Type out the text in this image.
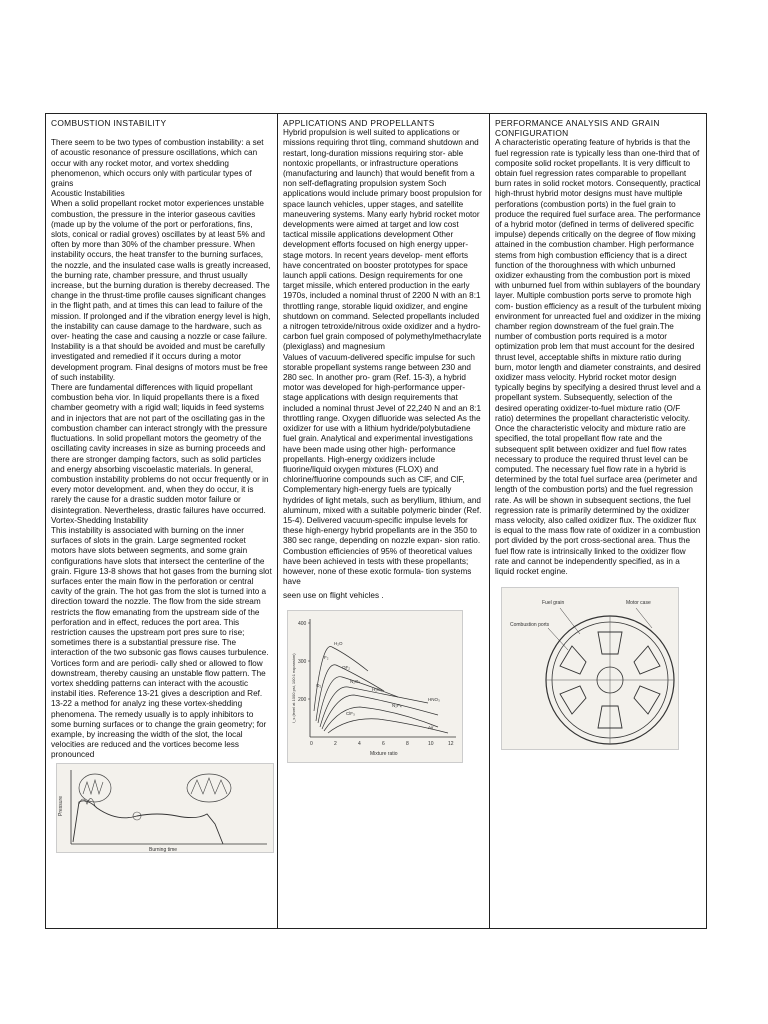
COMBUSTION INSTABILITY

There seem to be two types of combustion instability: a set of acoustic resonance of pressure oscillations, which can occur with any rocket motor, and vortex shedding phenomenon, which occurs only with particular types of grains

Acoustic Instabilities

When a solid propellant rocket motor experiences unstable combustion, the pressure in the interior gaseous cavities (made up by the volume of the port or perforations, fins, slots, conical or radial groves) oscillates by at least 5% and often by more than 30% of the chamber pressure. When instability occurs, the heat transfer to the burning surfaces, the nozzle, and the insulated case walls is greatly increased, the burning rate, chamber pressure, and thrust usually increase, but the burning duration is thereby decreased. The change in the thrust-time profile causes significant changes in the flight path, and at times this can lead to failure of the mission. If prolonged and if the vibration energy level is high, the instability can cause damage to the hardware, such as over- heating the case and causing a nozzle or case failure. Instability is a that should be avoided and must be carefully investigated and remedied if it occurs during a motor development program. Final designs of motors must be free of such instability.

There are fundamental differences with liquid propellant combustion beha vior. In liquid propellants there is a fixed chamber geometry with a rigid wall; liquids in feed systems and in injectors that are not part of the oscillating gas in the combustion chamber can interact strongly with the pressure fluctuations. In solid propellant motors the geometry of the oscillating cavity increases in size as burning proceeds and there are stronger damping factors, such as solid particles and energy absorbing viscoelastic materials. In general, combustion instability problems do not occur frequently or in every motor development. and, when they do occur, it is rarely the cause for a drastic sudden motor failure or disintegration. Nevertheless, drastic failures have occurred.

Vortex-Shedding Instability

This instability is associated with burning on the inner surfaces of slots in the grain. Large segmented rocket motors have slots between segments, and some grain configurations have slots that intersect the centerline of the grain. Figure 13-8 shows that hot gases from the burning slot surfaces enter the main flow in the perforation or central cavity of the grain. The hot gas from the slot is turned into a direction toward the nozzle. The flow from the side stream restricts the flow emanating from the upstream side of the perforation and in effect, reduces the port area. This restriction causes the upstream port pres sure to rise; sometimes there is a substantial pressure rise. The interaction of the two subsonic gas flows causes turbulence. Vortices form and are periodi- cally shed or allowed to flow downstream, thereby causing an unstable flow pattern. The vortex shedding patterns can interact with the acoustic instabil ities. Reference 13-21 gives a description and Ref. 13-22 a method for analyz ing these vortex-shedding phenomena. The remedy usually is to apply inhibitors to some burning surfaces or to change the grain geometry; for example, by increasing the width of the slot, the local velocities are reduced and the vortices become less pronounced

Pressure
Burning time
APPLICATIONS AND PROPELLANTS

Hybrid propulsion is well suited to applications or missions requiring throt tling, command shutdown and restart, long-duration missions requiring stor- able nontoxic propellants, or infrastructure operations (manufacturing and launch) that would benefit from a non self-deflagrating propulsion system Soch applications would include primary boost propulsion for space launch vehicles, upper stages, and satellite maneuvering systems. Many early hybrid rocket motor developments were aimed at target and low cost tactical missile applications development Other development efforts focused on high energy upper-stage motors. In recent years develop- ment efforts have concentrated on booster prototypes for space launch appli cations. Design requirements for one target missile, which entered production in the early 1970s, included a nominal thrust of 2200 N with an 8:1 throttling range, storable liquid oxidizer, and engine shutdown on command. Selected propellants included a nitrogen tetroxide/nitrous oxide oxidizer and a hydro- carbon fuel grain composed of polymethylmethacrylate (plexiglass) and magnesium

Values of vacuum-delivered specific impulse for such storable propellant systems range between 230 and 280 sec. In another pro- gram (Ref. 15-3), a hybrid motor was developed for high-performance upper- stage applications with design requirements that included a nominal thrust Jevel of 22,240 N and an 8:1 throttling range. Oxygen difluoride was selected As the oxidizer for use with a lithium hydride/polybutadiene fuel grain. Analytical and experimental investigations have been made using other high- performance propellants. High-energy oxidizers include fluorine/liquid oxygen mixtures (FLOX) and chlorine/fluorine compounds such as ClF, and ClF, Complementary high-energy fuels are typically hydrides of light metals, such as beryllium, lithium, and aluminum, mixed with a suitable polymeric binder (Ref. 15-4). Delivered vacuum-specific impulse levels for these high-energy hybrid propellants are in the 350 to 380 sec range, depending on nozzle expan- sion ratio. Combustion efficiencies of 95% of theoretical values have been achieved in tests with these propellants; however, none of these exotic formula- tion systems have

seen use on flight vehicles .

400
300
200
0	2	4	6	8	10	12
H₂O
F₂
OF₂
O₂
N₂O₄
H₂O₂
HNO₃
N₂F₄
ClF₃
Air
I_s (level at 1000 psi, 100:1 expansion)
Mixture ratio
PERFORMANCE ANALYSIS AND GRAIN CONFIGURATION

A characteristic operating feature of hybrids is that the fuel regression rate is typically less than one-third that of composite solid rocket propellants. It is very difficult to obtain fuel regression rates comparable to propellant burn rates in solid rocket motors. Consequently, practical high-thrust hybrid motor designs must have multiple perforations (combustion ports) in the fuel grain to produce the required fuel surface area. The performance of a hybrid motor (defined in terms of delivered specific impulse) depends critically on the degree of flow mixing attained in the combustion chamber. High performance stems from high combustion efficiency that is a direct function of the thoroughness with which unburned oxidizer exhausting from the combustion port is mixed with unburned fuel from within sublayers of the boundary layer. Multiple combustion ports serve to promote high com- bustion efficiency as a result of the turbulent mixing environment for unreacted fuel and oxidizer in the mixing chamber region downstream of the fuel grain.The number of combustion ports required is a motor optimization prob lem that must account for the desired thrust level, acceptable shifts in mixture ratio during burn, motor length and diameter constraints, and desired oxidizer mass velocity. Hybrid rocket motor design typically begins by specifying a desired thrust level and a propellant system. Subsequently, selection of the desired operating oxidizer-to-fuel mixture ratio (O/F ratio) determines the propellant characteristic velocity. Once the characteristic velocity and mixture ratio are specified, the total propellant flow rate and the subsequent split between oxidizer and fuel flow rates necessary to produce the required thrust level can be computed. The necessary fuel flow rate in a hybrid is determined by the total fuel surface area (perimeter and length of the combustion ports) and the fuel regression rate. As will be shown in subsequent sections, the fuel regression rate is primarily determined by the oxidizer mass velocity, also called oxidizer flux. The oxidizer flux is equal to the mass flow rate of oxidizer in a combustion port divided by the port cross-sectional area. Thus the fuel flow rate is intrinsically linked to the oxidizer flow rate and cannot be independently specified, as in a liquid rocket engine.

Fuel grain	Motor case
Combustion ports
